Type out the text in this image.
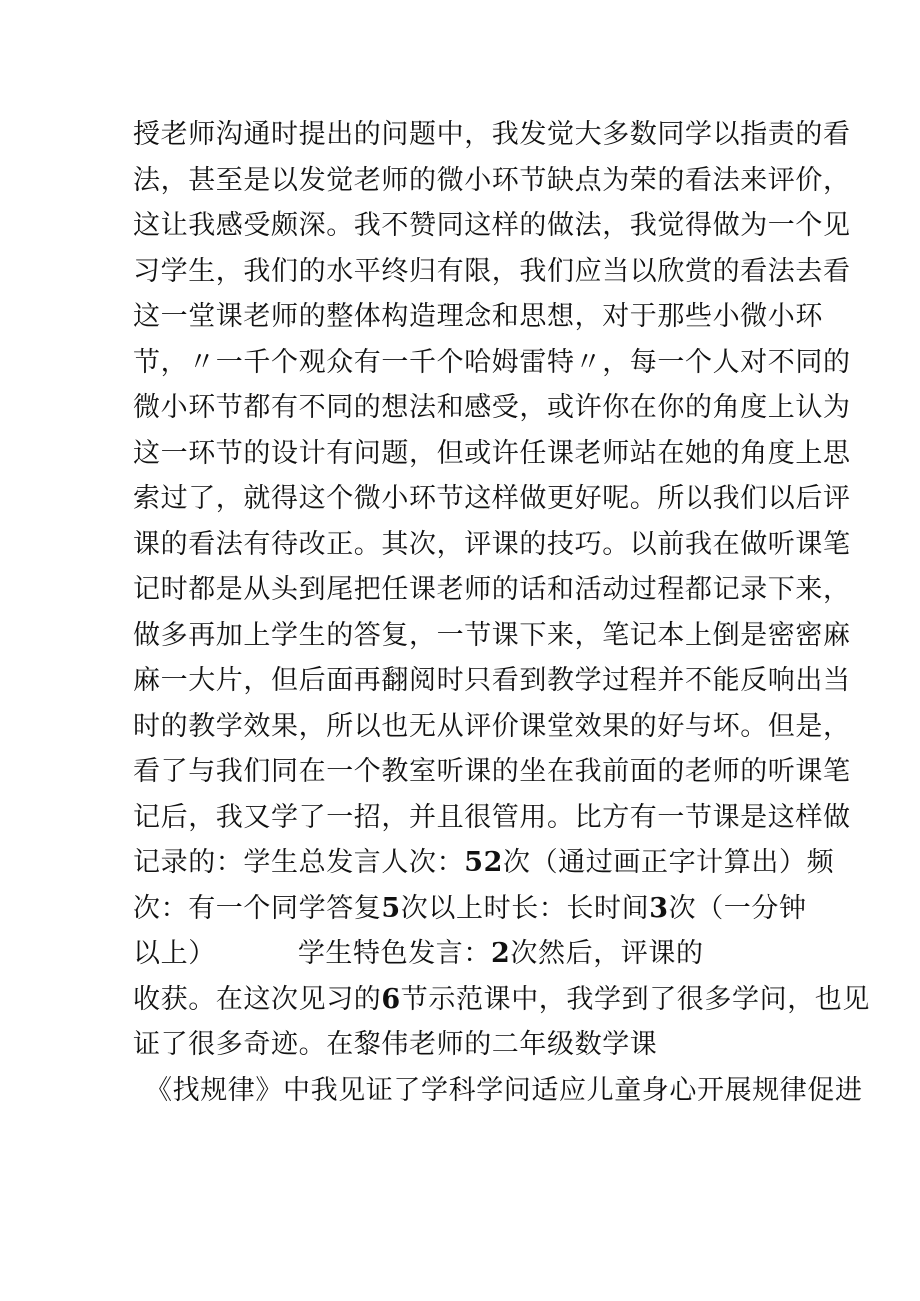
授老师沟通时提出的问题中，我发觉大多数同学以指责的看
法，甚至是以发觉老师的微小环节缺点为荣的看法来评价，
这让我感受颇深。我不赞同这样的做法，我觉得做为一个见
习学生，我们的水平终归有限，我们应当以欣赏的看法去看
这一堂课老师的整体构造理念和思想，对于那些小微小环
节，〃一千个观众有一千个哈姆雷特〃，每一个人对不同的
微小环节都有不同的想法和感受，或许你在你的角度上认为
这一环节的设计有问题，但或许任课老师站在她的角度上思
索过了，就得这个微小环节这样做更好呢。所以我们以后评
课的看法有待改正。其次，评课的技巧。以前我在做听课笔
记时都是从头到尾把任课老师的话和活动过程都记录下来，
做多再加上学生的答复，一节课下来，笔记本上倒是密密麻
麻一大片，但后面再翻阅时只看到教学过程并不能反响出当
时的教学效果，所以也无从评价课堂效果的好与坏。但是，
看了与我们同在一个教室听课的坐在我前面的老师的听课笔
记后，我又学了一招，并且很管用。比方有一节课是这样做
记录的：学生总发言人次：52次（通过画正字计算出）频
次：有一个同学答复5次以上时长：长时间3次（一分钟
以上）	学生特色发言：2次然后，评课的
收获。在这次见习的6节示范课中，我学到了很多学问，也见
证了很多奇迹。在黎伟老师的二年级数学课
《找规律》中我见证了学科学问适应儿童身心开展规律促进
